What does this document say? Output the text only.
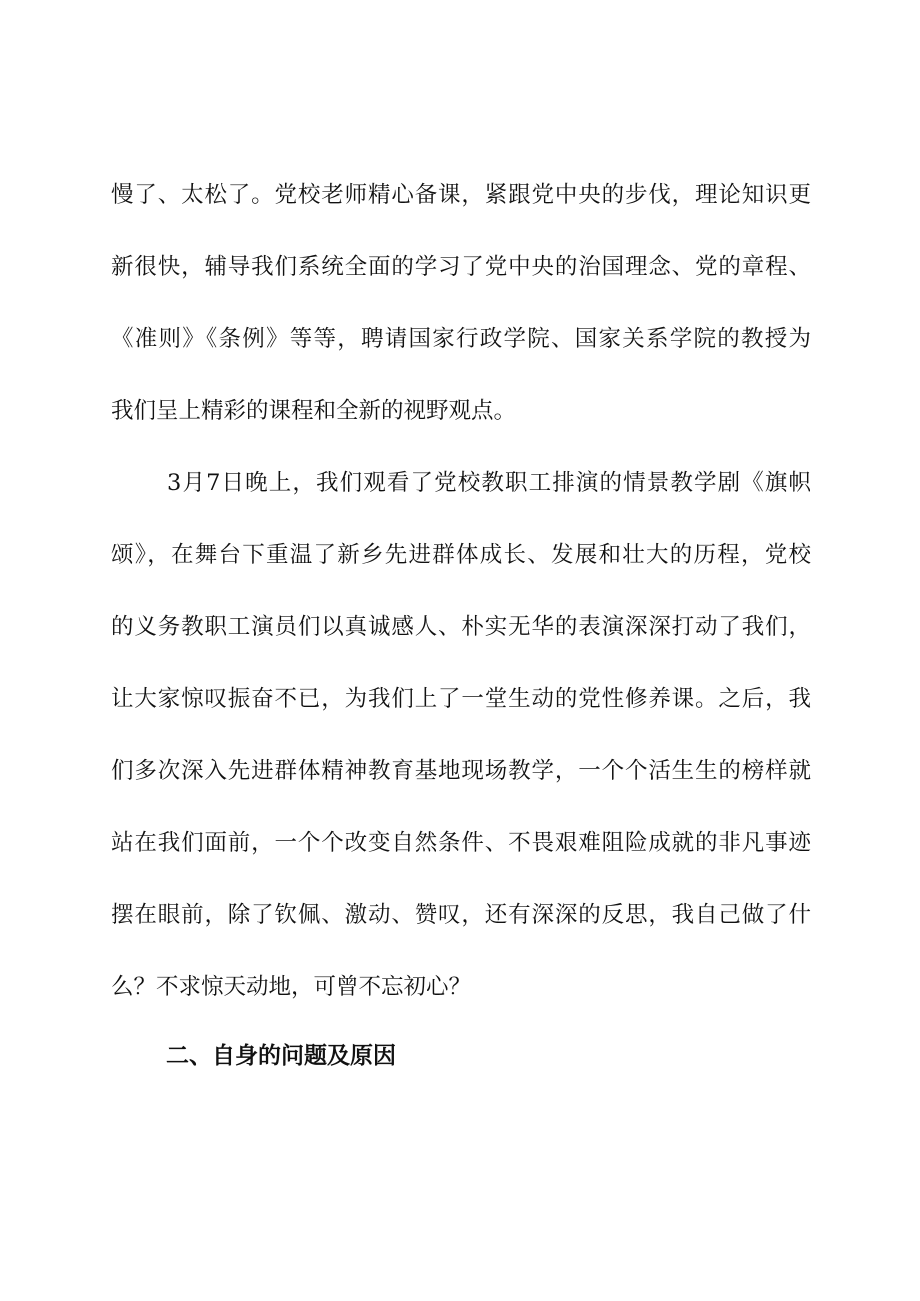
慢了、太松了。党校老师精心备课，紧跟党中央的步伐，理论知识更
新很快，辅导我们系统全面的学习了党中央的治国理念、党的章程、
《准则》《条例》等等，聘请国家行政学院、国家关系学院的教授为
我们呈上精彩的课程和全新的视野观点。
3月7日晚上，我们观看了党校教职工排演的情景教学剧《旗帜
颂》，在舞台下重温了新乡先进群体成长、发展和壮大的历程，党校
的义务教职工演员们以真诚感人、朴实无华的表演深深打动了我们，
让大家惊叹振奋不已，为我们上了一堂生动的党性修养课。之后，我
们多次深入先进群体精神教育基地现场教学，一个个活生生的榜样就
站在我们面前，一个个改变自然条件、不畏艰难阻险成就的非凡事迹
摆在眼前，除了钦佩、激动、赞叹，还有深深的反思，我自己做了什
么？不求惊天动地，可曾不忘初心？
二、自身的问题及原因
